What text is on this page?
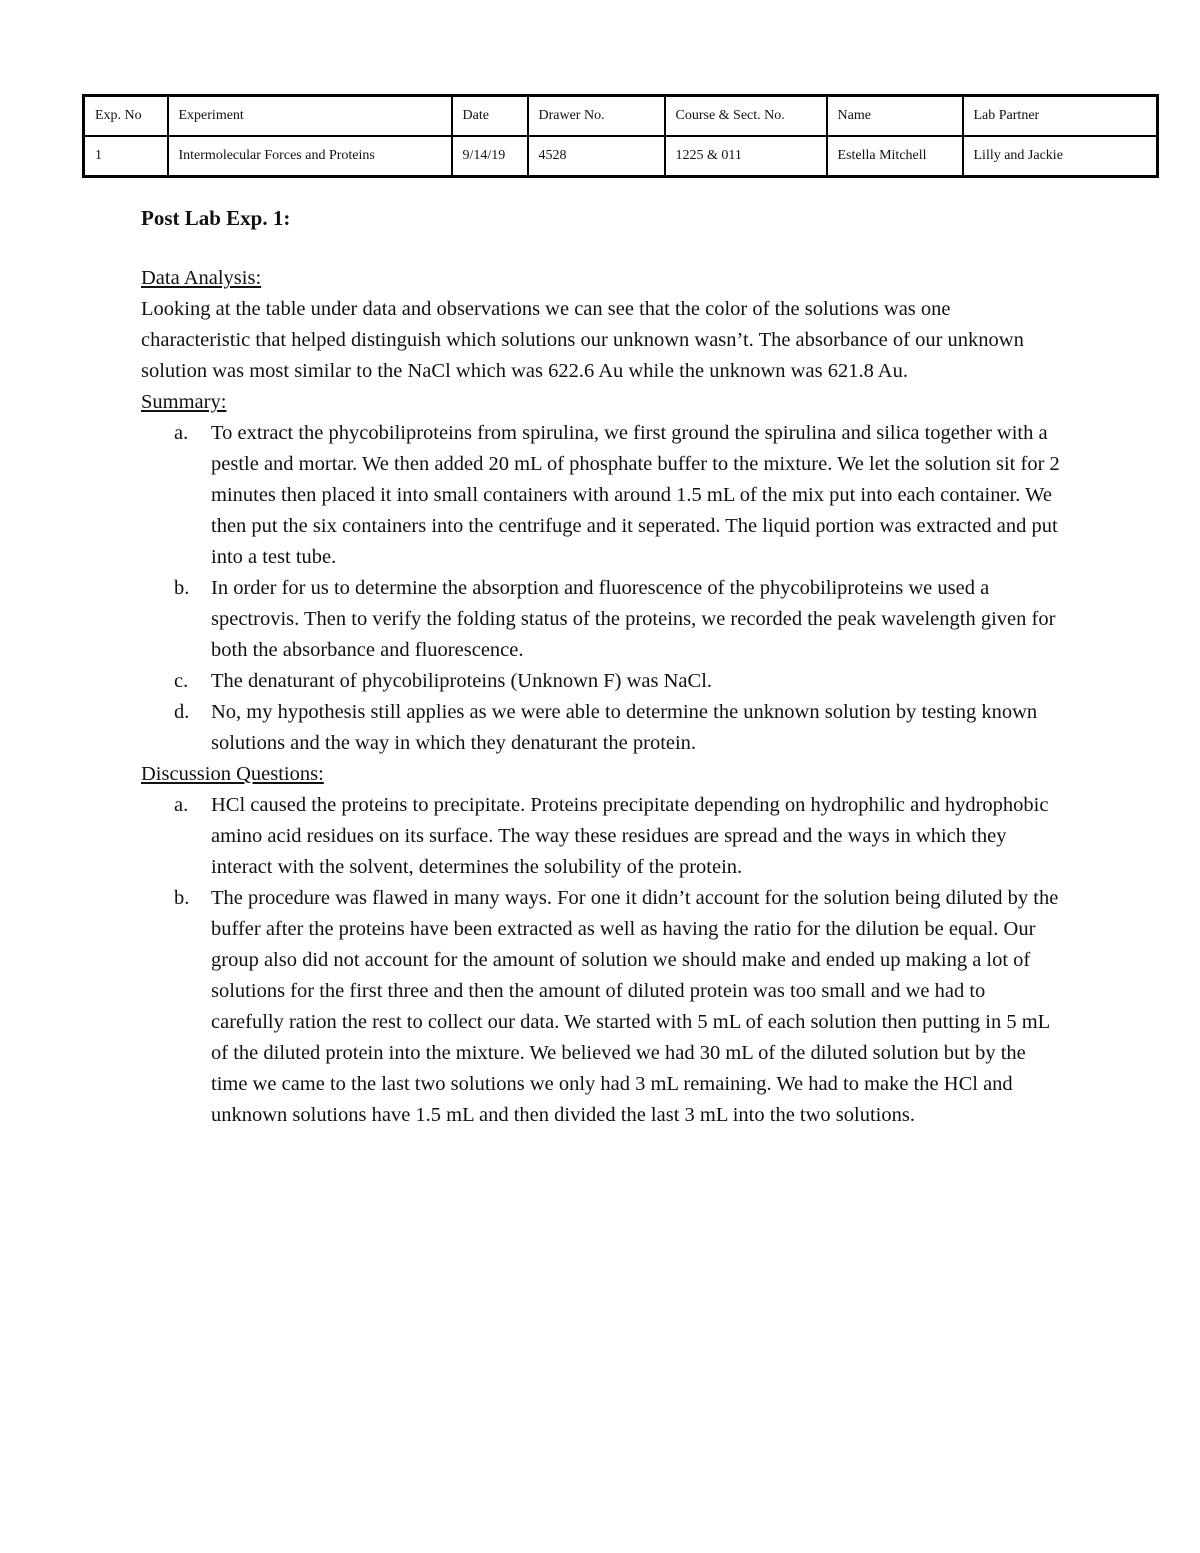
Exp. No	Experiment	Date	Drawer No.	Course & Sect. No.	Name	Lab Partner
1	Intermolecular Forces and Proteins	9/14/19	4528	1225 & 011	Estella Mitchell	Lilly and Jackie
Post Lab Exp. 1:
Data Analysis:

Looking at the table under data and observations we can see that the color of the solutions was one characteristic that helped distinguish which solutions our unknown wasn’t. The absorbance of our unknown solution was most similar to the NaCl which was 622.6 Au while the unknown was 621.8 Au.

Summary:
a. To extract the phycobiliproteins from spirulina, we first ground the spirulina and silica together with a pestle and mortar. We then added 20 mL of phosphate buffer to the mixture. We let the solution sit for 2 minutes then placed it into small containers with around 1.5 mL of the mix put into each container. We then put the six containers into the centrifuge and it seperated. The liquid portion was extracted and put into a test tube.
b. In order for us to determine the absorption and fluorescence of the phycobiliproteins we used a spectrovis. Then to verify the folding status of the proteins, we recorded the peak wavelength given for both the absorbance and fluorescence.
c. The denaturant of phycobiliproteins (Unknown F) was NaCl.
d. No, my hypothesis still applies as we were able to determine the unknown solution by testing known solutions and the way in which they denaturant the protein.
Discussion Questions:
a. HCl caused the proteins to precipitate. Proteins precipitate depending on hydrophilic and hydrophobic amino acid residues on its surface. The way these residues are spread and the ways in which they interact with the solvent, determines the solubility of the protein.
b. The procedure was flawed in many ways. For one it didn’t account for the solution being diluted by the buffer after the proteins have been extracted as well as having the ratio for the dilution be equal. Our group also did not account for the amount of solution we should make and ended up making a lot of solutions for the first three and then the amount of diluted protein was too small and we had to carefully ration the rest to collect our data. We started with 5 mL of each solution then putting in 5 mL of the diluted protein into the mixture. We believed we had 30 mL of the diluted solution but by the time we came to the last two solutions we only had 3 mL remaining. We had to make the HCl and unknown solutions have 1.5 mL and then divided the last 3 mL into the two solutions.
